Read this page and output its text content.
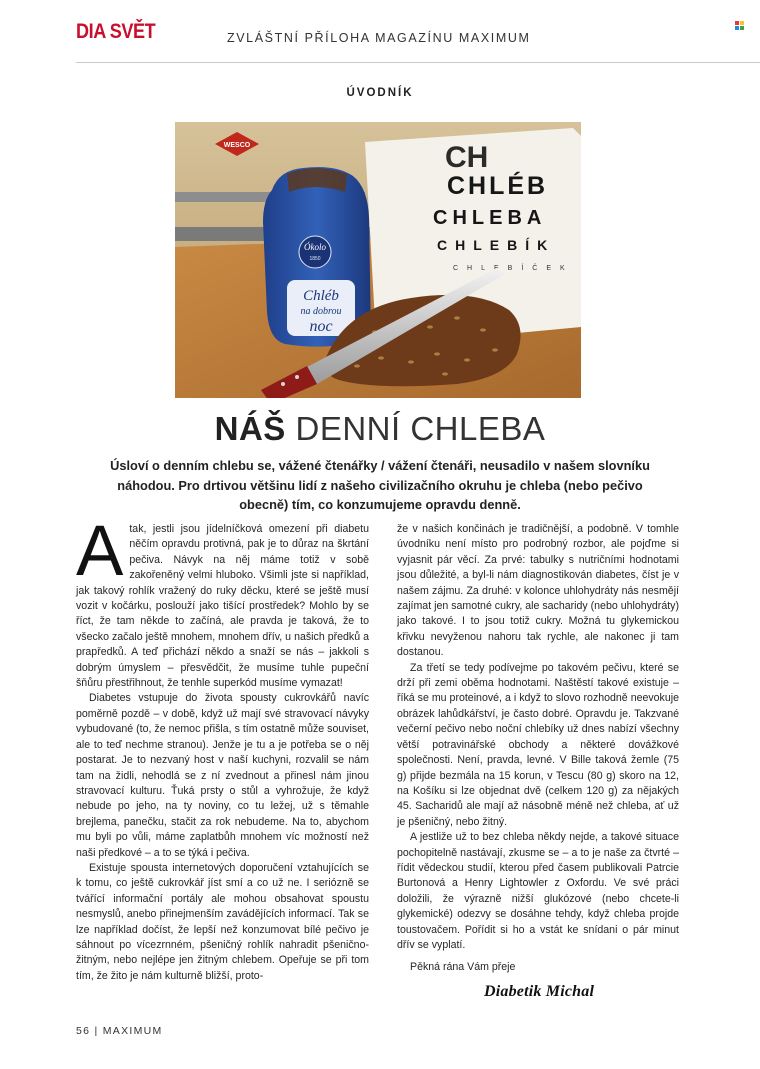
DIA SVĚT	ZVLÁŠTNÍ PŘÍLOHA MAGAZÍNU MAXIMUM
ÚVODNÍK
CH
CHLÉB
CHLEBA
CHLEBÍK
CHLEBÍČEK
WESCO
Ókolo
1850
Chléb
na dobrou
noc
NÁŠ DENNÍ CHLEBA
Úsloví o denním chlebu se, vážené čtenářky / vážení čtenáři, neusadilo v našem slovníku náhodou. Pro drtivou většinu lidí z našeho civilizačního okruhu je chleba (nebo pečivo obecně) tím, co konzumujeme opravdu denně.

Atak, jestli jsou jídelníčková omezení při diabetu něčím opravdu protivná, pak je to důraz na škrtání pečiva. Návyk na něj máme totiž v sobě zakořeněný velmi hluboko. Všimli jste si například, jak takový rohlík vražený do ruky děcku, které se ještě musí vozit v kočárku, poslouží jako tišící prostředek? Mohlo by se říct, že tam někde to začíná, ale pravda je taková, že to všecko začalo ještě mnohem, mnohem dřív, u našich předků a prapředků. A teď přichází někdo a snaží se nás – jakkoli s dobrým úmyslem – přesvědčit, že musíme tuhle pupeční šňůru přestřihnout, že tenhle superkód musíme vymazat!

Diabetes vstupuje do života spousty cukrovkářů navíc poměrně pozdě – v době, když už mají své stravovací návyky vybudované (to, že nemoc přišla, s tím ostatně může souviset, ale to teď nechme stranou). Jenže je tu a je potřeba se o něj postarat. Je to nezvaný host v naší kuchyni, rozvalil se nám tam na židli, nehodlá se z ní zvednout a přinesl nám jinou stravovací kulturu. Ťuká prsty o stůl a vyhrožuje, že když nebude po jeho, na ty noviny, co tu ležej, už s těmahle brejlema, panečku, stačit za rok nebudeme. Na to, abychom mu byli po vůli, máme zaplatbůh mnohem víc možností než naši předkové – a to se týká i pečiva.

Existuje spousta internetových doporučení vztahujících se k tomu, co ještě cukrovkář jíst smí a co už ne. I seriózně se tvářící informační portály ale mohou obsahovat spoustu nesmyslů, anebo přinejmenším zavádějících informací. Tak se lze například dočíst, že lepší než konzumovat bílé pečivo je sáhnout po vícezrnném, pšeničný rohlík nahradit pšenično-žitným, nebo nejlépe jen žitným chlebem. Opeřuje se při tom tím, že žito je nám kulturně bližší, proto-

že v našich končinách je tradičnější, a podobně. V tomhle úvodníku není místo pro podrobný rozbor, ale pojďme si vyjasnit pár věcí. Za prvé: tabulky s nutričními hodnotami jsou důležité, a byl-li nám diagnostikován diabetes, číst je v našem zájmu. Za druhé: v kolonce uhlohydráty nás nesmějí zajímat jen samotné cukry, ale sacharidy (nebo uhlohydráty) jako takové. I to jsou totiž cukry. Možná tu glykemickou křivku nevyženou nahoru tak rychle, ale nakonec ji tam dostanou.

Za třetí se tedy podívejme po takovém pečivu, které se drží při zemi oběma hodnotami. Naštěstí takové existuje – říká se mu proteinové, a i když to slovo rozhodně neevokuje obrázek lahůdkářství, je často dobré. Opravdu je. Takzvané večerní pečivo nebo noční chlebíky už dnes nabízí všechny větší potravinářské obchody a některé dovážkové společnosti. Není, pravda, levné. V Bille taková žemle (75 g) přijde bezmála na 15 korun, v Tescu (80 g) skoro na 12, na Košíku si lze objednat dvě (celkem 120 g) za nějakých 45. Sacharidů ale mají až násobně méně než chleba, ať už je pšeničný, nebo žitný.

A jestliže už to bez chleba někdy nejde, a takové situace pochopitelně nastávají, zkusme se – a to je naše za čtvrté – řídit vědeckou studií, kterou před časem publikovali Patrcie Burtonová a Henry Lightowler z Oxfordu. Ve své práci doložili, že výrazně nižší glukózové (nebo chcete-li glykemické) odezvy se dosáhne tehdy, když chleba projde toustovačem. Pořídit si ho a vstát ke snídani o pár minut dřív se vyplatí.

Pěkná rána Vám přeje

Diabetik Michal
56 | MAXIMUM
